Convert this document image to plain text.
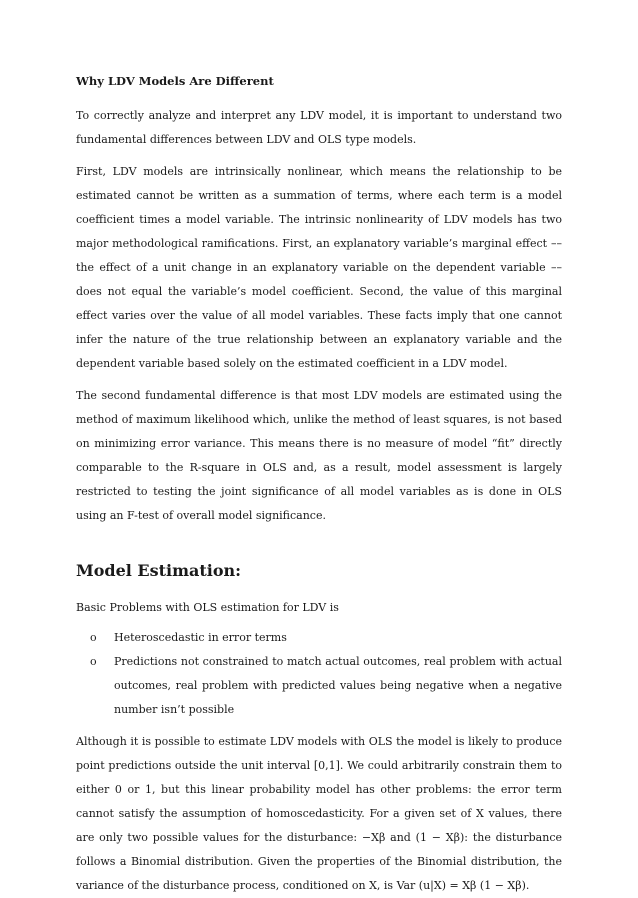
Why LDV Models Are Different

To correctly analyze and interpret any LDV model, it is important to understand two fundamental differences between LDV and OLS type models.

First, LDV models are intrinsically nonlinear, which means the relationship to be estimated cannot be written as a summation of terms, where each term is a model coefficient times a model variable. The intrinsic nonlinearity of LDV models has two major methodological ramifications. First, an explanatory variable’s marginal effect –– the effect of a unit change in an explanatory variable on the dependent variable –– does not equal the variable’s model coefficient. Second, the value of this marginal effect varies over the value of all model variables. These facts imply that one cannot infer the nature of the true relationship between an explanatory variable and the dependent variable based solely on the estimated coefficient in a LDV model.

The second fundamental difference is that most LDV models are estimated using the method of maximum likelihood which, unlike the method of least squares, is not based on minimizing error variance. This means there is no measure of model “fit” directly comparable to the R-square in OLS and, as a result, model assessment is largely restricted to testing the joint significance of all model variables as is done in OLS using an F-test of overall model significance.

Model Estimation:

Basic Problems with OLS estimation for LDV is

o Heteroscedastic in error terms
o Predictions not constrained to match actual outcomes, real problem with actual outcomes, real problem with predicted values being negative when a negative number isn’t possible

Although it is possible to estimate LDV models with OLS the model is likely to produce point predictions outside the unit interval [0,1]. We could arbitrarily constrain them to either 0 or 1, but this linear probability model has other problems: the error term cannot satisfy the assumption of homoscedasticity. For a given set of X values, there are only two possible values for the disturbance: −Xβ and (1 − Xβ): the disturbance follows a Binomial distribution. Given the properties of the Binomial distribution, the variance of the disturbance process, conditioned on X, is Var (u|X) = Xβ (1 − Xβ).
